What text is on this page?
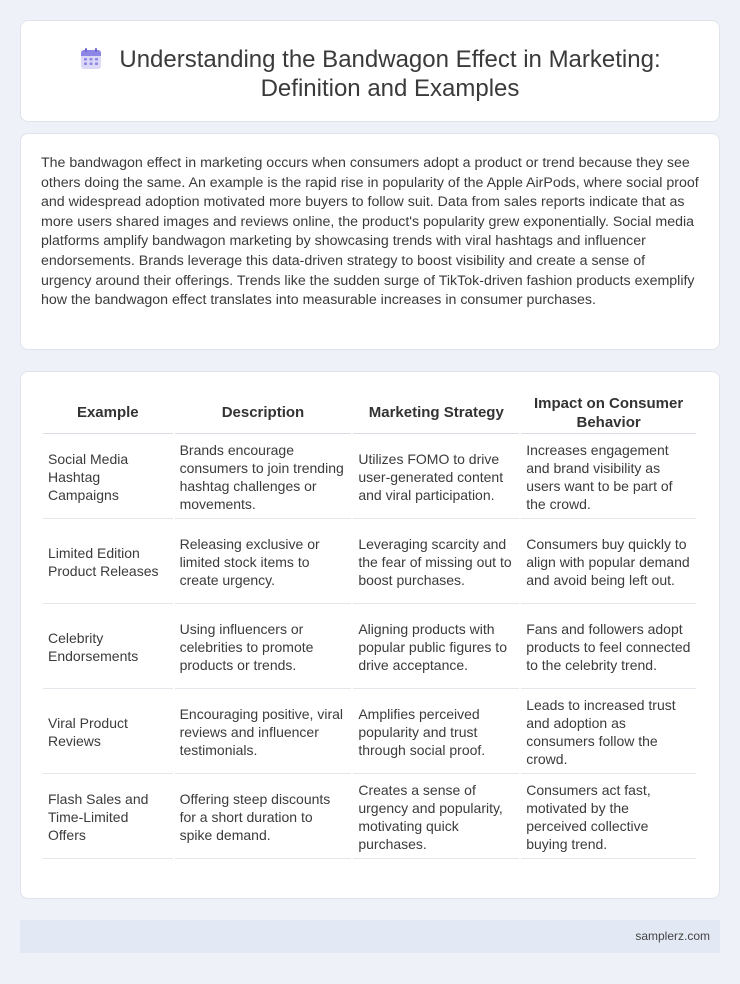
Understanding the Bandwagon Effect in Marketing: Definition and Examples

The bandwagon effect in marketing occurs when consumers adopt a product or trend because they see others doing the same. An example is the rapid rise in popularity of the Apple AirPods, where social proof and widespread adoption motivated more buyers to follow suit. Data from sales reports indicate that as more users shared images and reviews online, the product's popularity grew exponentially. Social media platforms amplify bandwagon marketing by showcasing trends with viral hashtags and influencer endorsements. Brands leverage this data-driven strategy to boost visibility and create a sense of urgency around their offerings. Trends like the sudden surge of TikTok-driven fashion products exemplify how the bandwagon effect translates into measurable increases in consumer purchases.

Example	Description	Marketing Strategy	Impact on Consumer Behavior
Social Media Hashtag Campaigns	Brands encourage consumers to join trending hashtag challenges or movements.	Utilizes FOMO to drive user-generated content and viral participation.	Increases engagement and brand visibility as users want to be part of the crowd.
Limited Edition Product Releases	Releasing exclusive or limited stock items to create urgency.	Leveraging scarcity and the fear of missing out to boost purchases.	Consumers buy quickly to align with popular demand and avoid being left out.
Celebrity Endorsements	Using influencers or celebrities to promote products or trends.	Aligning products with popular public figures to drive acceptance.	Fans and followers adopt products to feel connected to the celebrity trend.
Viral Product Reviews	Encouraging positive, viral reviews and influencer testimonials.	Amplifies perceived popularity and trust through social proof.	Leads to increased trust and adoption as consumers follow the crowd.
Flash Sales and Time-Limited Offers	Offering steep discounts for a short duration to spike demand.	Creates a sense of urgency and popularity, motivating quick purchases.	Consumers act fast, motivated by the perceived collective buying trend.
samplerz.com
